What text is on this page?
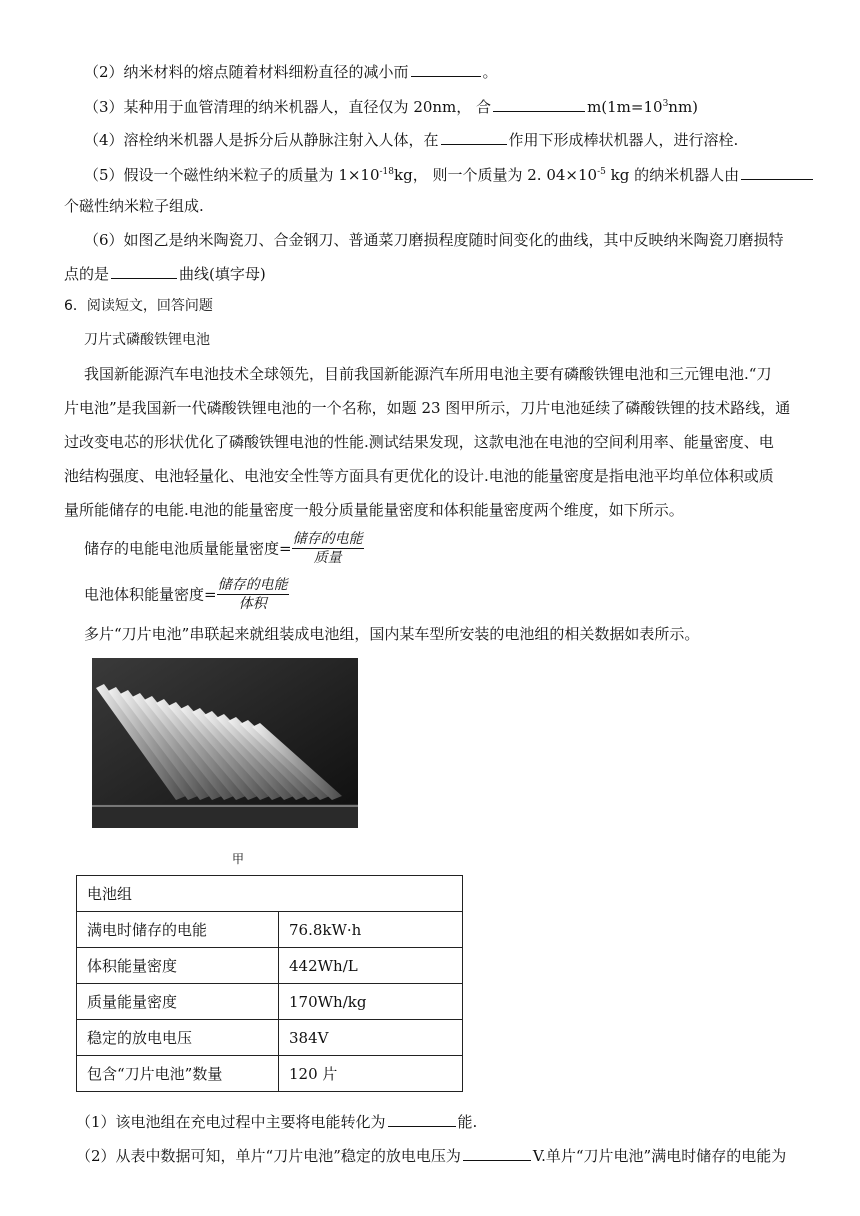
（2）纳米材料的熔点随着材料细粉直径的减小而	。
（3）某种用于血管清理的纳米机器人，直径仅为 20nm， 合	$m(1m=10^3nm)$
（4）溶栓纳米机器人是拆分后从静脉注射入人体，在	作用下形成棒状机器人，进行溶栓.
（5）假设一个磁性纳米粒子的质量为 $1\times 10^{-18}kg$， 则一个质量为 2. $04\times 10^{-5}$ kg 的纳米机器人由
个磁性纳米粒子组成.
（6）如图乙是纳米陶瓷刀、合金钢刀、普通菜刀磨损程度随时间变化的曲线，其中反映纳米陶瓷刀磨损特
点的是	曲线(填字母)
6．阅读短文，回答问题
刀片式磷酸铁锂电池
我国新能源汽车电池技术全球领先，目前我国新能源汽车所用电池主要有磷酸铁锂电池和三元锂电池.“刀
片电池”是我国新一代磷酸铁锂电池的一个名称，如题 23 图甲所示，刀片电池延续了磷酸铁锂的技术路线，通
过改变电芯的形状优化了磷酸铁锂电池的性能.测试结果发现，这款电池在电池的空间利用率、能量密度、电
池结构强度、电池轻量化、电池安全性等方面具有更优化的设计.电池的能量密度是指电池平均单位体积或质
量所能储存的电能.电池的能量密度一般分质量能量密度和体积能量密度两个维度，如下所示。
储存的电能电池质量能量密度= $\frac{\text{储存的电能}}{\text{质量}}$
电池体积能量密度= $\frac{\text{储存的电能}}{\text{体积}}$
多片“刀片电池”串联起来就组装成电池组，国内某车型所安装的电池组的相关数据如表所示。
甲
电池组	
满电时储存的电能	76.8kW·h
体积能量密度	442Wh/L
质量能量密度	170Wh/kg
稳定的放电电压	384V
包含“刀片电池”数量	120 片
（1）该电池组在充电过程中主要将电能转化为	能.
（2）从表中数据可知，单片“刀片电池”稳定的放电电压为	V.单片“刀片电池”满电时储存的电能为
